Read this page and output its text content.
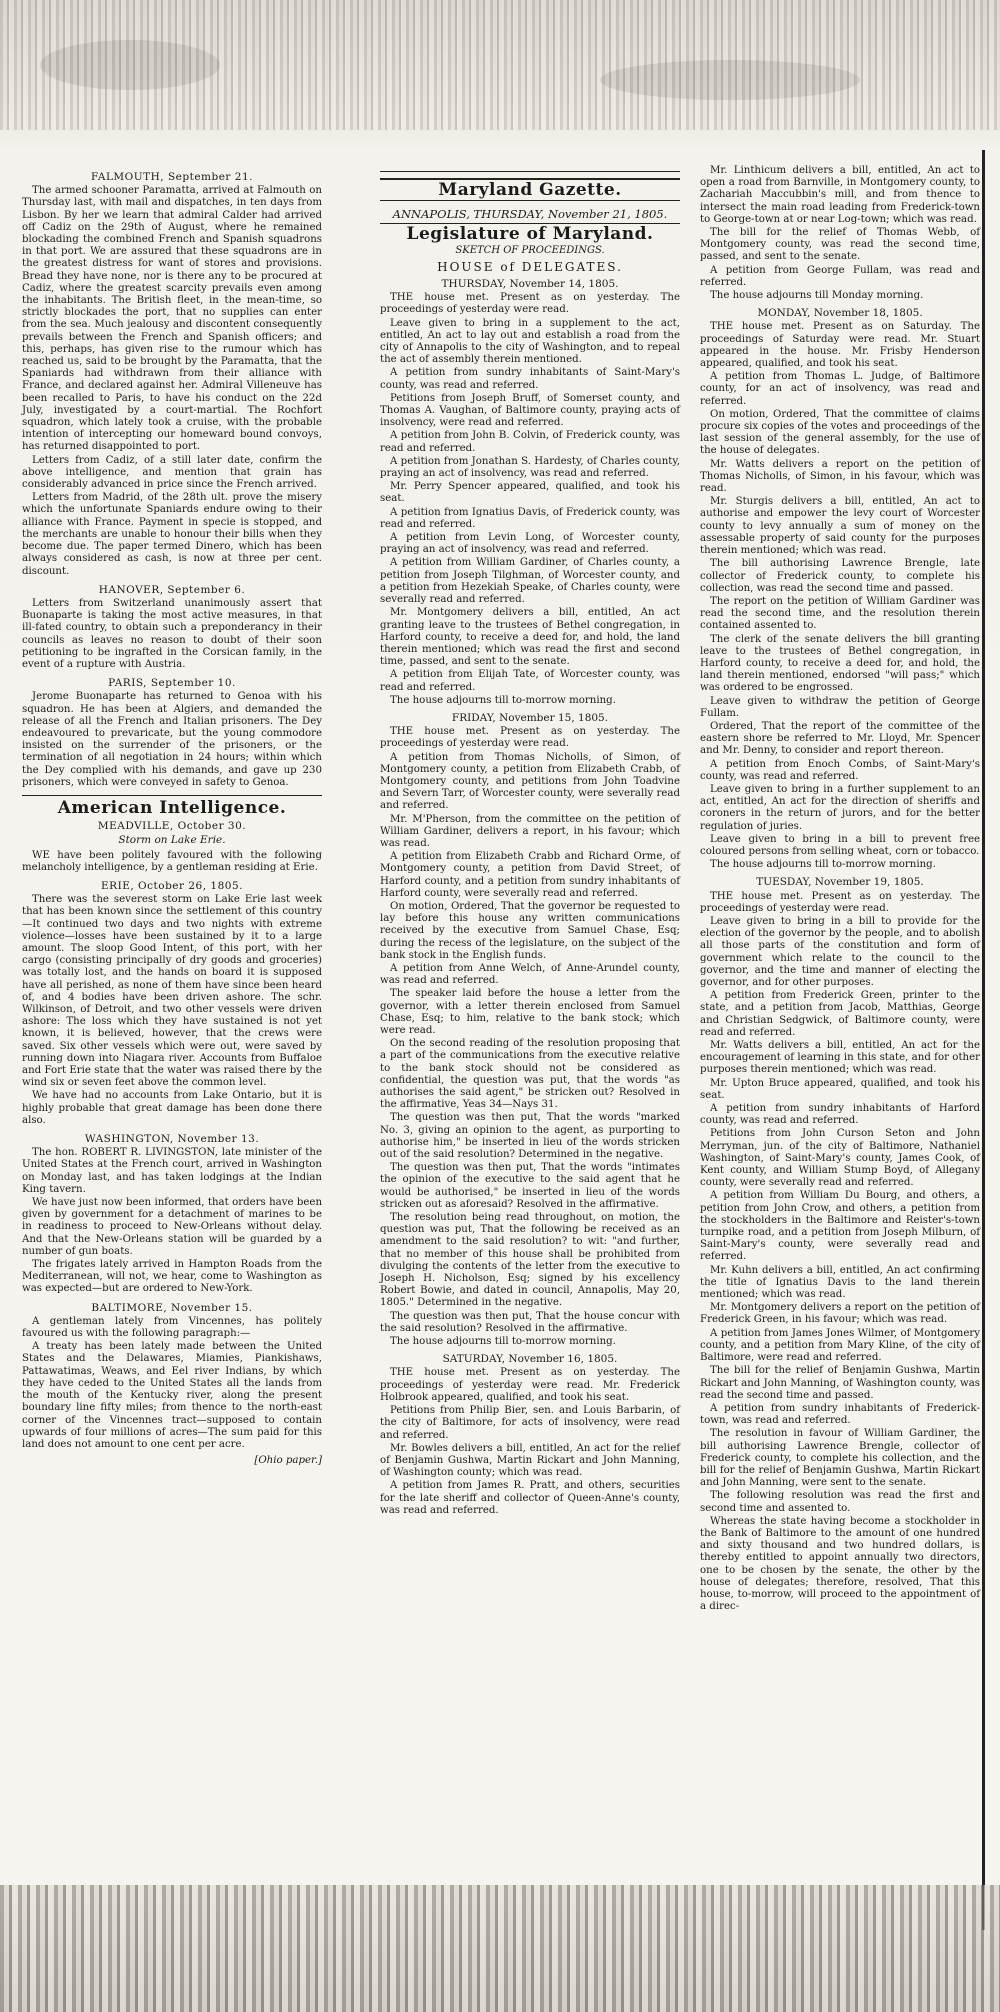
FALMOUTH, September 21.

The armed schooner Paramatta, arrived at Falmouth on Thursday last, with mail and dispatches, in ten days from Lisbon. By her we learn that admiral Calder had arrived off Cadiz on the 29th of August, where he remained blockading the combined French and Spanish squadrons in that port. We are assured that these squadrons are in the greatest distress for want of stores and provisions. Bread they have none, nor is there any to be procured at Cadiz, where the greatest scarcity prevails even among the inhabitants. The British fleet, in the mean-time, so strictly blockades the port, that no supplies can enter from the sea. Much jealousy and discontent consequently prevails between the French and Spanish officers; and this, perhaps, has given rise to the rumour which has reached us, said to be brought by the Paramatta, that the Spaniards had withdrawn from their alliance with France, and declared against her. Admiral Villeneuve has been recalled to Paris, to have his conduct on the 22d July, investigated by a court-martial. The Rochfort squadron, which lately took a cruise, with the probable intention of intercepting our homeward bound convoys, has returned disappointed to port.

Letters from Cadiz, of a still later date, confirm the above intelligence, and mention that grain has considerably advanced in price since the French arrived.

Letters from Madrid, of the 28th ult. prove the misery which the unfortunate Spaniards endure owing to their alliance with France. Payment in specie is stopped, and the merchants are unable to honour their bills when they become due. The paper termed Dinero, which has been always considered as cash, is now at three per cent. discount.

HANOVER, September 6.

Letters from Switzerland unanimously assert that Buonaparte is taking the most active measures, in that ill-fated country, to obtain such a preponderancy in their councils as leaves no reason to doubt of their soon petitioning to be ingrafted in the Corsican family, in the event of a rupture with Austria.

PARIS, September 10.

Jerome Buonaparte has returned to Genoa with his squadron. He has been at Algiers, and demanded the release of all the French and Italian prisoners. The Dey endeavoured to prevaricate, but the young commodore insisted on the surrender of the prisoners, or the termination of all negotiation in 24 hours; within which the Dey complied with his demands, and gave up 230 prisoners, which were conveyed in safety to Genoa.

American Intelligence.
MEADVILLE, October 30.
Storm on Lake Erie.

WE have been politely favoured with the following melancholy intelligence, by a gentleman residing at Erie.

ERIE, October 26, 1805.

There was the severest storm on Lake Erie last week that has been known since the settlement of this country—It continued two days and two nights with extreme violence—losses have been sustained by it to a large amount. The sloop Good Intent, of this port, with her cargo (consisting principally of dry goods and groceries) was totally lost, and the hands on board it is supposed have all perished, as none of them have since been heard of, and 4 bodies have been driven ashore. The schr. Wilkinson, of Detroit, and two other vessels were driven ashore: The loss which they have sustained is not yet known, it is believed, however, that the crews were saved. Six other vessels which were out, were saved by running down into Niagara river. Accounts from Buffaloe and Fort Erie state that the water was raised there by the wind six or seven feet above the common level.

We have had no accounts from Lake Ontario, but it is highly probable that great damage has been done there also.

WASHINGTON, November 13.

The hon. ROBERT R. LIVINGSTON, late minister of the United States at the French court, arrived in Washington on Monday last, and has taken lodgings at the Indian King tavern.

We have just now been informed, that orders have been given by government for a detachment of marines to be in readiness to proceed to New-Orleans without delay. And that the New-Orleans station will be guarded by a number of gun boats.

The frigates lately arrived in Hampton Roads from the Mediterranean, will not, we hear, come to Washington as was expected—but are ordered to New-York.

BALTIMORE, November 15.

A gentleman lately from Vincennes, has politely favoured us with the following paragraph:—

A treaty has been lately made between the United States and the Delawares, Miamies, Piankishaws, Pattawatimas, Weaws, and Eel river Indians, by which they have ceded to the United States all the lands from the mouth of the Kentucky river, along the present boundary line fifty miles; from thence to the north-east corner of the Vincennes tract—supposed to contain upwards of four millions of acres—The sum paid for this land does not amount to one cent per acre.

[Ohio paper.]
Maryland Gazette.
ANNAPOLIS, THURSDAY, November 21, 1805.
Legislature of Maryland.
SKETCH OF PROCEEDINGS.
HOUSE of DELEGATES.
THURSDAY, November 14, 1805.

THE house met. Present as on yesterday. The proceedings of yesterday were read.

Leave given to bring in a supplement to the act, entitled, An act to lay out and establish a road from the city of Annapolis to the city of Washington, and to repeal the act of assembly therein mentioned.

A petition from sundry inhabitants of Saint-Mary's county, was read and referred.

Petitions from Joseph Bruff, of Somerset county, and Thomas A. Vaughan, of Baltimore county, praying acts of insolvency, were read and referred.

A petition from John B. Colvin, of Frederick county, was read and referred.

A petition from Jonathan S. Hardesty, of Charles county, praying an act of insolvency, was read and referred.

Mr. Perry Spencer appeared, qualified, and took his seat.

A petition from Ignatius Davis, of Frederick county, was read and referred.

A petition from Levin Long, of Worcester county, praying an act of insolvency, was read and referred.

A petition from William Gardiner, of Charles county, a petition from Joseph Tilghman, of Worcester county, and a petition from Hezekiah Speake, of Charles county, were severally read and referred.

Mr. Montgomery delivers a bill, entitled, An act granting leave to the trustees of Bethel congregation, in Harford county, to receive a deed for, and hold, the land therein mentioned; which was read the first and second time, passed, and sent to the senate.

A petition from Elijah Tate, of Worcester county, was read and referred.

The house adjourns till to-morrow morning.

FRIDAY, November 15, 1805.

THE house met. Present as on yesterday. The proceedings of yesterday were read.

A petition from Thomas Nicholls, of Simon, of Montgomery county, a petition from Elizabeth Crabb, of Montgomery county, and petitions from John Toadvine and Severn Tarr, of Worcester county, were severally read and referred.

Mr. M'Pherson, from the committee on the petition of William Gardiner, delivers a report, in his favour; which was read.

A petition from Elizabeth Crabb and Richard Orme, of Montgomery county, a petition from David Street, of Harford county, and a petition from sundry inhabitants of Harford county, were severally read and referred.

On motion, Ordered, That the governor be requested to lay before this house any written communications received by the executive from Samuel Chase, Esq; during the recess of the legislature, on the subject of the bank stock in the English funds.

A petition from Anne Welch, of Anne-Arundel county, was read and referred.

The speaker laid before the house a letter from the governor, with a letter therein enclosed from Samuel Chase, Esq; to him, relative to the bank stock; which were read.

On the second reading of the resolution proposing that a part of the communications from the executive relative to the bank stock should not be considered as confidential, the question was put, that the words "as authorises the said agent," be stricken out? Resolved in the affirmative, Yeas 34—Nays 31.

The question was then put, That the words "marked No. 3, giving an opinion to the agent, as purporting to authorise him," be inserted in lieu of the words stricken out of the said resolution? Determined in the negative.

The question was then put, That the words "intimates the opinion of the executive to the said agent that he would be authorised," be inserted in lieu of the words stricken out as aforesaid? Resolved in the affirmative.

The resolution being read throughout, on motion, the question was put, That the following be received as an amendment to the said resolution? to wit: "and further, that no member of this house shall be prohibited from divulging the contents of the letter from the executive to Joseph H. Nicholson, Esq; signed by his excellency Robert Bowie, and dated in council, Annapolis, May 20, 1805." Determined in the negative.

The question was then put, That the house concur with the said resolution? Resolved in the affirmative.

The house adjourns till to-morrow morning.

SATURDAY, November 16, 1805.

THE house met. Present as on yesterday. The proceedings of yesterday were read. Mr. Frederick Holbrook appeared, qualified, and took his seat.

Petitions from Philip Bier, sen. and Louis Barbarin, of the city of Baltimore, for acts of insolvency, were read and referred.

Mr. Bowles delivers a bill, entitled, An act for the relief of Benjamin Gushwa, Martin Rickart and John Manning, of Washington county; which was read.

A petition from James R. Pratt, and others, securities for the late sheriff and collector of Queen-Anne's county, was read and referred.

Mr. Linthicum delivers a bill, entitled, An act to open a road from Barnville, in Montgomery county, to Zachariah Maccubbin's mill, and from thence to intersect the main road leading from Frederick-town to George-town at or near Log-town; which was read.

The bill for the relief of Thomas Webb, of Montgomery county, was read the second time, passed, and sent to the senate.

A petition from George Fullam, was read and referred.

The house adjourns till Monday morning.

MONDAY, November 18, 1805.

THE house met. Present as on Saturday. The proceedings of Saturday were read. Mr. Stuart appeared in the house. Mr. Frisby Henderson appeared, qualified, and took his seat.

A petition from Thomas L. Judge, of Baltimore county, for an act of insolvency, was read and referred.

On motion, Ordered, That the committee of claims procure six copies of the votes and proceedings of the last session of the general assembly, for the use of the house of delegates.

Mr. Watts delivers a report on the petition of Thomas Nicholls, of Simon, in his favour, which was read.

Mr. Sturgis delivers a bill, entitled, An act to authorise and empower the levy court of Worcester county to levy annually a sum of money on the assessable property of said county for the purposes therein mentioned; which was read.

The bill authorising Lawrence Brengle, late collector of Frederick county, to complete his collection, was read the second time and passed.

The report on the petition of William Gardiner was read the second time, and the resolution therein contained assented to.

The clerk of the senate delivers the bill granting leave to the trustees of Bethel congregation, in Harford county, to receive a deed for, and hold, the land therein mentioned, endorsed "will pass;" which was ordered to be engrossed.

Leave given to withdraw the petition of George Fullam.

Ordered, That the report of the committee of the eastern shore be referred to Mr. Lloyd, Mr. Spencer and Mr. Denny, to consider and report thereon.

A petition from Enoch Combs, of Saint-Mary's county, was read and referred.

Leave given to bring in a further supplement to an act, entitled, An act for the direction of sheriffs and coroners in the return of jurors, and for the better regulation of juries.

Leave given to bring in a bill to prevent free coloured persons from selling wheat, corn or tobacco.

The house adjourns till to-morrow morning.

TUESDAY, November 19, 1805.

THE house met. Present as on yesterday. The proceedings of yesterday were read.

Leave given to bring in a bill to provide for the election of the governor by the people, and to abolish all those parts of the constitution and form of government which relate to the council to the governor, and the time and manner of electing the governor, and for other purposes.

A petition from Frederick Green, printer to the state, and a petition from Jacob, Matthias, George and Christian Sedgwick, of Baltimore county, were read and referred.

Mr. Watts delivers a bill, entitled, An act for the encouragement of learning in this state, and for other purposes therein mentioned; which was read.

Mr. Upton Bruce appeared, qualified, and took his seat.

A petition from sundry inhabitants of Harford county, was read and referred.

Petitions from John Curson Seton and John Merryman, jun. of the city of Baltimore, Nathaniel Washington, of Saint-Mary's county, James Cook, of Kent county, and William Stump Boyd, of Allegany county, were severally read and referred.

A petition from William Du Bourg, and others, a petition from John Crow, and others, a petition from the stockholders in the Baltimore and Reister's-town turnpike road, and a petition from Joseph Milburn, of Saint-Mary's county, were severally read and referred.

Mr. Kuhn delivers a bill, entitled, An act confirming the title of Ignatius Davis to the land therein mentioned; which was read.

Mr. Montgomery delivers a report on the petition of Frederick Green, in his favour; which was read.

A petition from James Jones Wilmer, of Montgomery county, and a petition from Mary Kline, of the city of Baltimore, were read and referred.

The bill for the relief of Benjamin Gushwa, Martin Rickart and John Manning, of Washington county, was read the second time and passed.

A petition from sundry inhabitants of Frederick-town, was read and referred.

The resolution in favour of William Gardiner, the bill authorising Lawrence Brengle, collector of Frederick county, to complete his collection, and the bill for the relief of Benjamin Gushwa, Martin Rickart and John Manning, were sent to the senate.

The following resolution was read the first and second time and assented to.

Whereas the state having become a stockholder in the Bank of Baltimore to the amount of one hundred and sixty thousand and two hundred dollars, is thereby entitled to appoint annually two directors, one to be chosen by the senate, the other by the house of delegates; therefore, resolved, That this house, to-morrow, will proceed to the appointment of a direc-
